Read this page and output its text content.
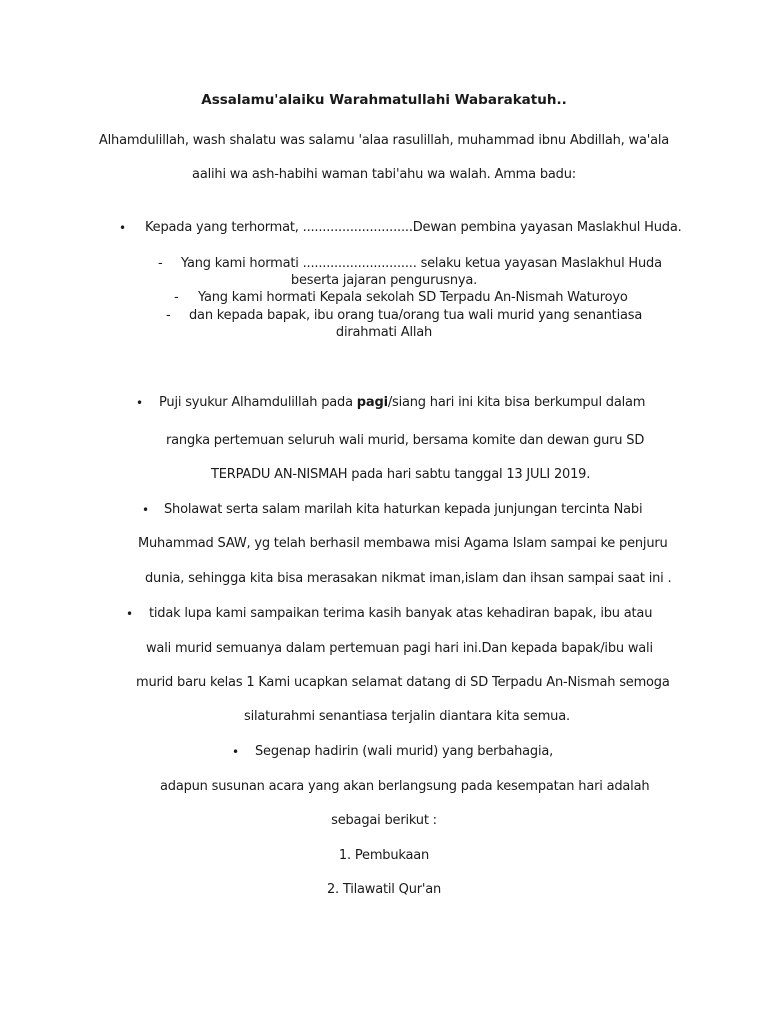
Assalamu'alaiku Warahmatullahi Wabarakatuh..
Alhamdulillah, wash shalatu was salamu 'alaa rasulillah, muhammad ibnu Abdillah, wa'ala
aalihi wa ash-habihi waman tabi'ahu wa walah. Amma badu:
• Kepada yang terhormat, ............................Dewan pembina yayasan Maslakhul Huda.
- Yang kami hormati ............................. selaku ketua yayasan Maslakhul Huda
beserta jajaran pengurusnya.
- Yang kami hormati Kepala sekolah SD Terpadu An-Nismah Waturoyo
- dan kepada bapak, ibu orang tua/orang tua wali murid yang senantiasa
dirahmati Allah
• Puji syukur Alhamdulillah pada pagi/siang hari ini kita bisa berkumpul dalam
rangka pertemuan seluruh wali murid, bersama komite dan dewan guru SD
TERPADU AN-NISMAH pada hari sabtu tanggal 13 JULI 2019.
• Sholawat serta salam marilah kita haturkan kepada junjungan tercinta Nabi
Muhammad SAW, yg telah berhasil membawa misi Agama Islam sampai ke penjuru
dunia, sehingga kita bisa merasakan nikmat iman,islam dan ihsan sampai saat ini .
• tidak lupa kami sampaikan terima kasih banyak atas kehadiran bapak, ibu atau
wali murid semuanya dalam pertemuan pagi hari ini.Dan kepada bapak/ibu wali
murid baru kelas 1 Kami ucapkan selamat datang di SD Terpadu An-Nismah semoga
silaturahmi senantiasa terjalin diantara kita semua.
• Segenap hadirin (wali murid) yang berbahagia,
adapun susunan acara yang akan berlangsung pada kesempatan hari adalah
sebagai berikut :
1. Pembukaan
2. Tilawatil Qur'an
